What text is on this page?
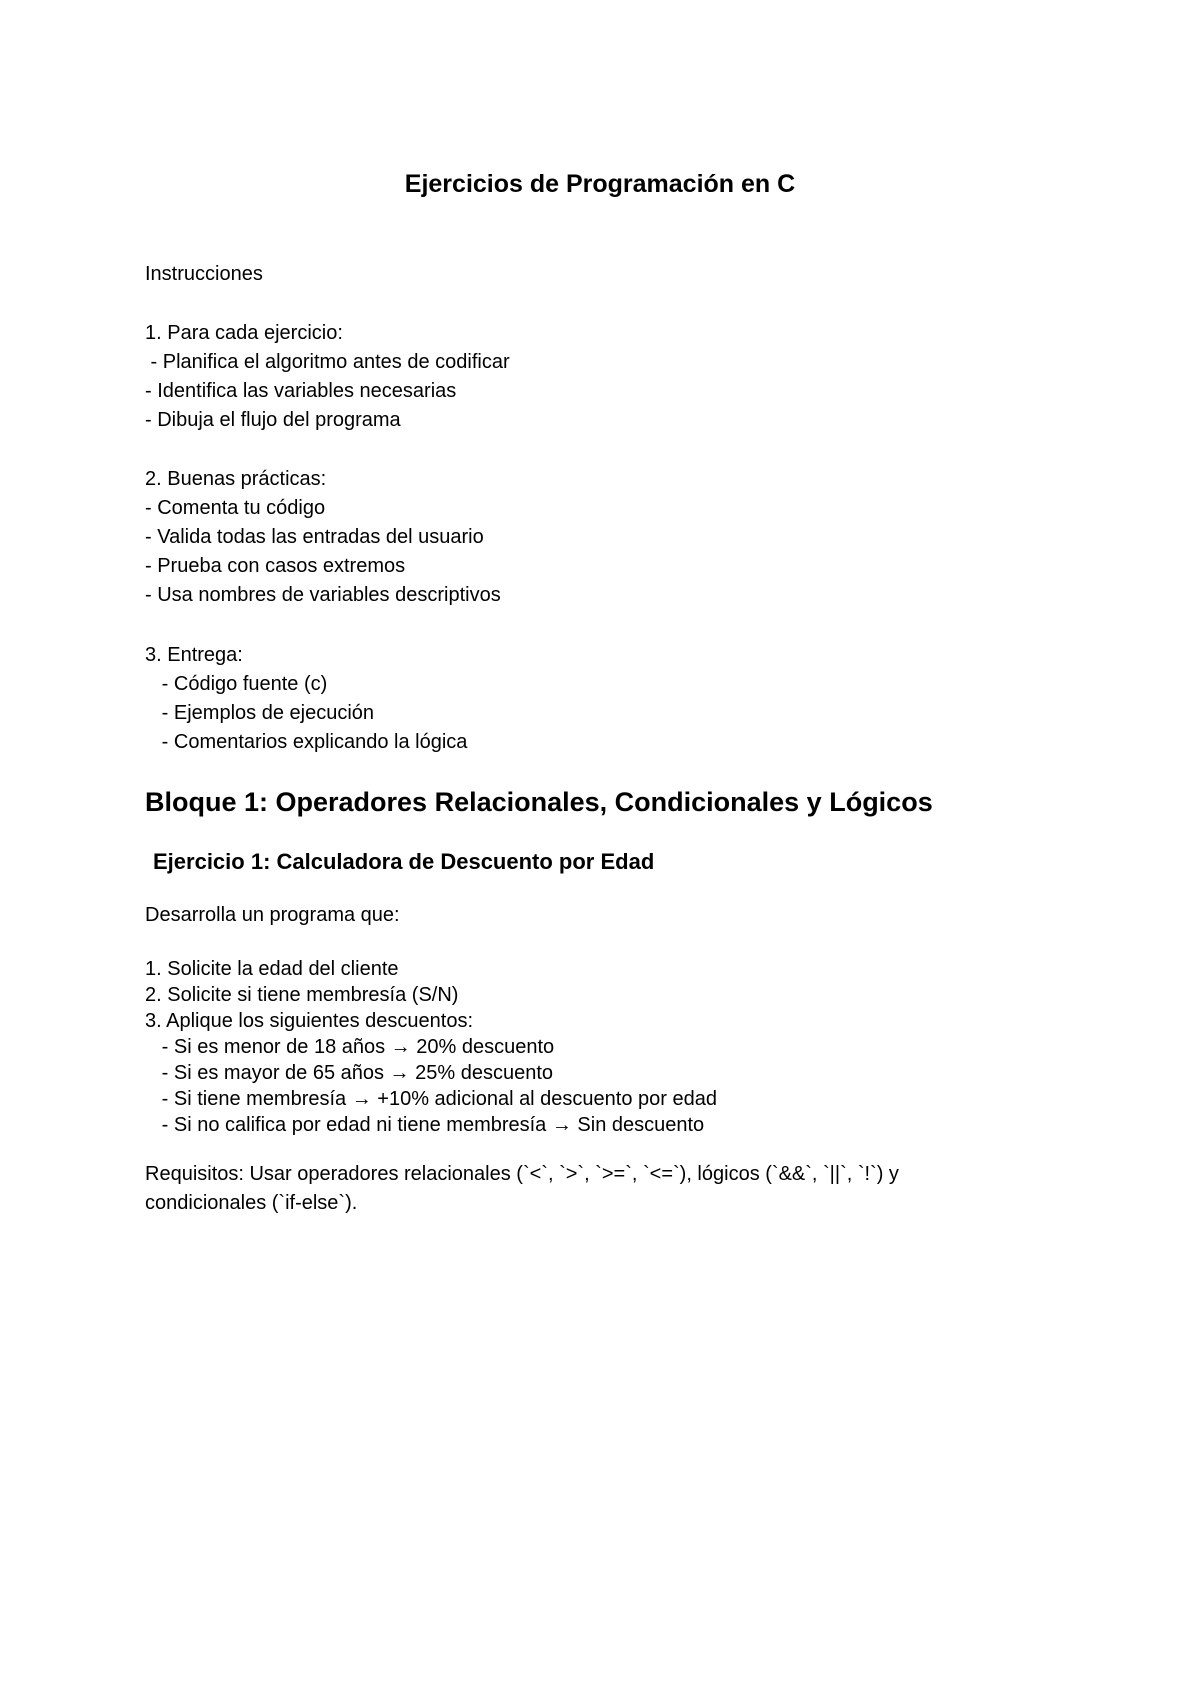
Ejercicios de Programación en C

Instrucciones

1. Para cada ejercicio:

- Planifica el algoritmo antes de codificar

- Identifica las variables necesarias

- Dibuja el flujo del programa

2. Buenas prácticas:

- Comenta tu código

- Valida todas las entradas del usuario

- Prueba con casos extremos

- Usa nombres de variables descriptivos

3. Entrega:

- Código fuente (c)

- Ejemplos de ejecución

- Comentarios explicando la lógica

Bloque 1: Operadores Relacionales, Condicionales y Lógicos
Ejercicio 1: Calculadora de Descuento por Edad

Desarrolla un programa que:

1. Solicite la edad del cliente

2. Solicite si tiene membresía (S/N)

3. Aplique los siguientes descuentos:

- Si es menor de 18 años → 20% descuento

- Si es mayor de 65 años → 25% descuento

- Si tiene membresía → +10% adicional al descuento por edad

- Si no califica por edad ni tiene membresía → Sin descuento

Requisitos: Usar operadores relacionales (`<`, `>`, `>=`, `<=`), lógicos (`&&`, `||`, `!`) y

condicionales (`if-else`).
